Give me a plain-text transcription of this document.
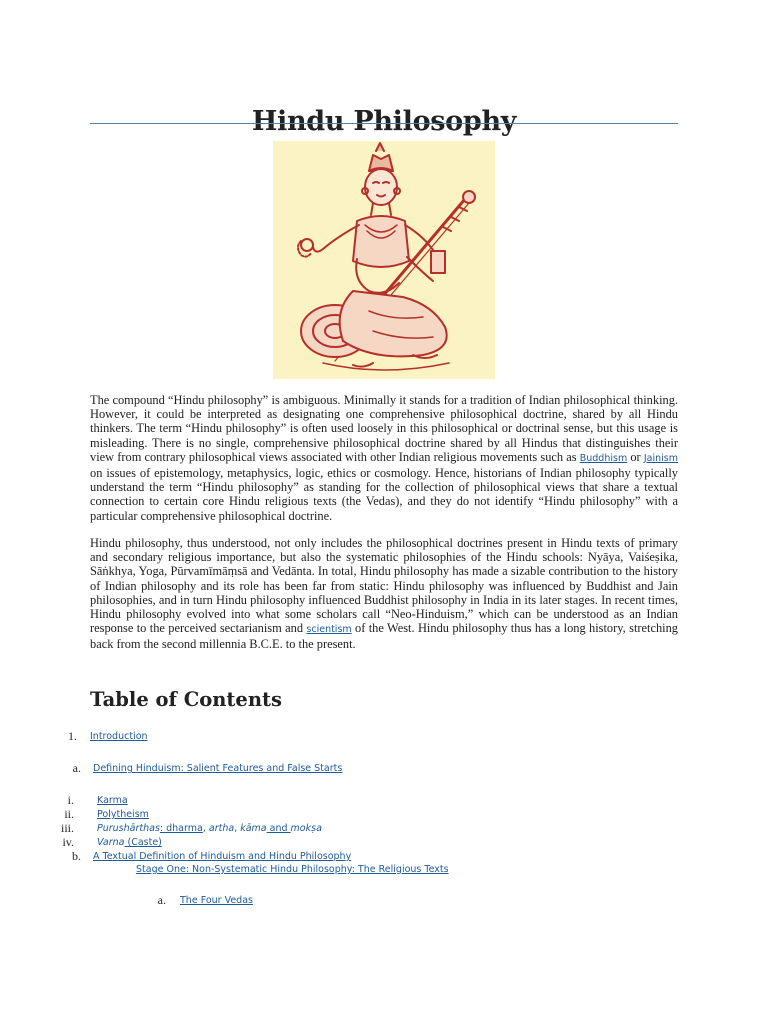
Hindu Philosophy

The compound “Hindu philosophy” is ambiguous. Minimally it stands for a tradition of Indian philosophical thinking. However, it could be interpreted as designating one comprehensive philosophical doctrine, shared by all Hindu thinkers. The term “Hindu philosophy” is often used loosely in this philosophical or doctrinal sense, but this usage is misleading. There is no single, comprehensive philosophical doctrine shared by all Hindus that distinguishes their view from contrary philosophical views associated with other Indian religious movements such as Buddhism or Jainism on issues of epistemology, metaphysics, logic, ethics or cosmology. Hence, historians of Indian philosophy typically understand the term “Hindu philosophy” as standing for the collection of philosophical views that share a textual connection to certain core Hindu religious texts (the Vedas), and they do not identify “Hindu philosophy” with a particular comprehensive philosophical doctrine.

Hindu philosophy, thus understood, not only includes the philosophical doctrines present in Hindu texts of primary and secondary religious importance, but also the systematic philosophies of the Hindu schools: Nyāya, Vaiśeṣika, Sāṅkhya, Yoga, Pūrvamīmāṃsā and Vedānta. In total, Hindu philosophy has made a sizable contribution to the history of Indian philosophy and its role has been far from static: Hindu philosophy was influenced by Buddhist and Jain philosophies, and in turn Hindu philosophy influenced Buddhist philosophy in India in its later stages. In recent times, Hindu philosophy evolved into what some scholars call “Neo-Hinduism,” which can be understood as an Indian response to the perceived sectarianism and scientism of the West. Hindu philosophy thus has a long history, stretching back from the second millennia B.C.E. to the present.

Table of Contents
1. Introduction
a. Defining Hinduism: Salient Features and False Starts
i. Karma
ii. Polytheism
iii. Purushārthas: dharma, artha, kāma and mokṣa
iv. Varna (Caste)
b. A Textual Definition of Hinduism and Hindu Philosophy
Stage One: Non-Systematic Hindu Philosophy: The Religious Texts
a. The Four Vedas
